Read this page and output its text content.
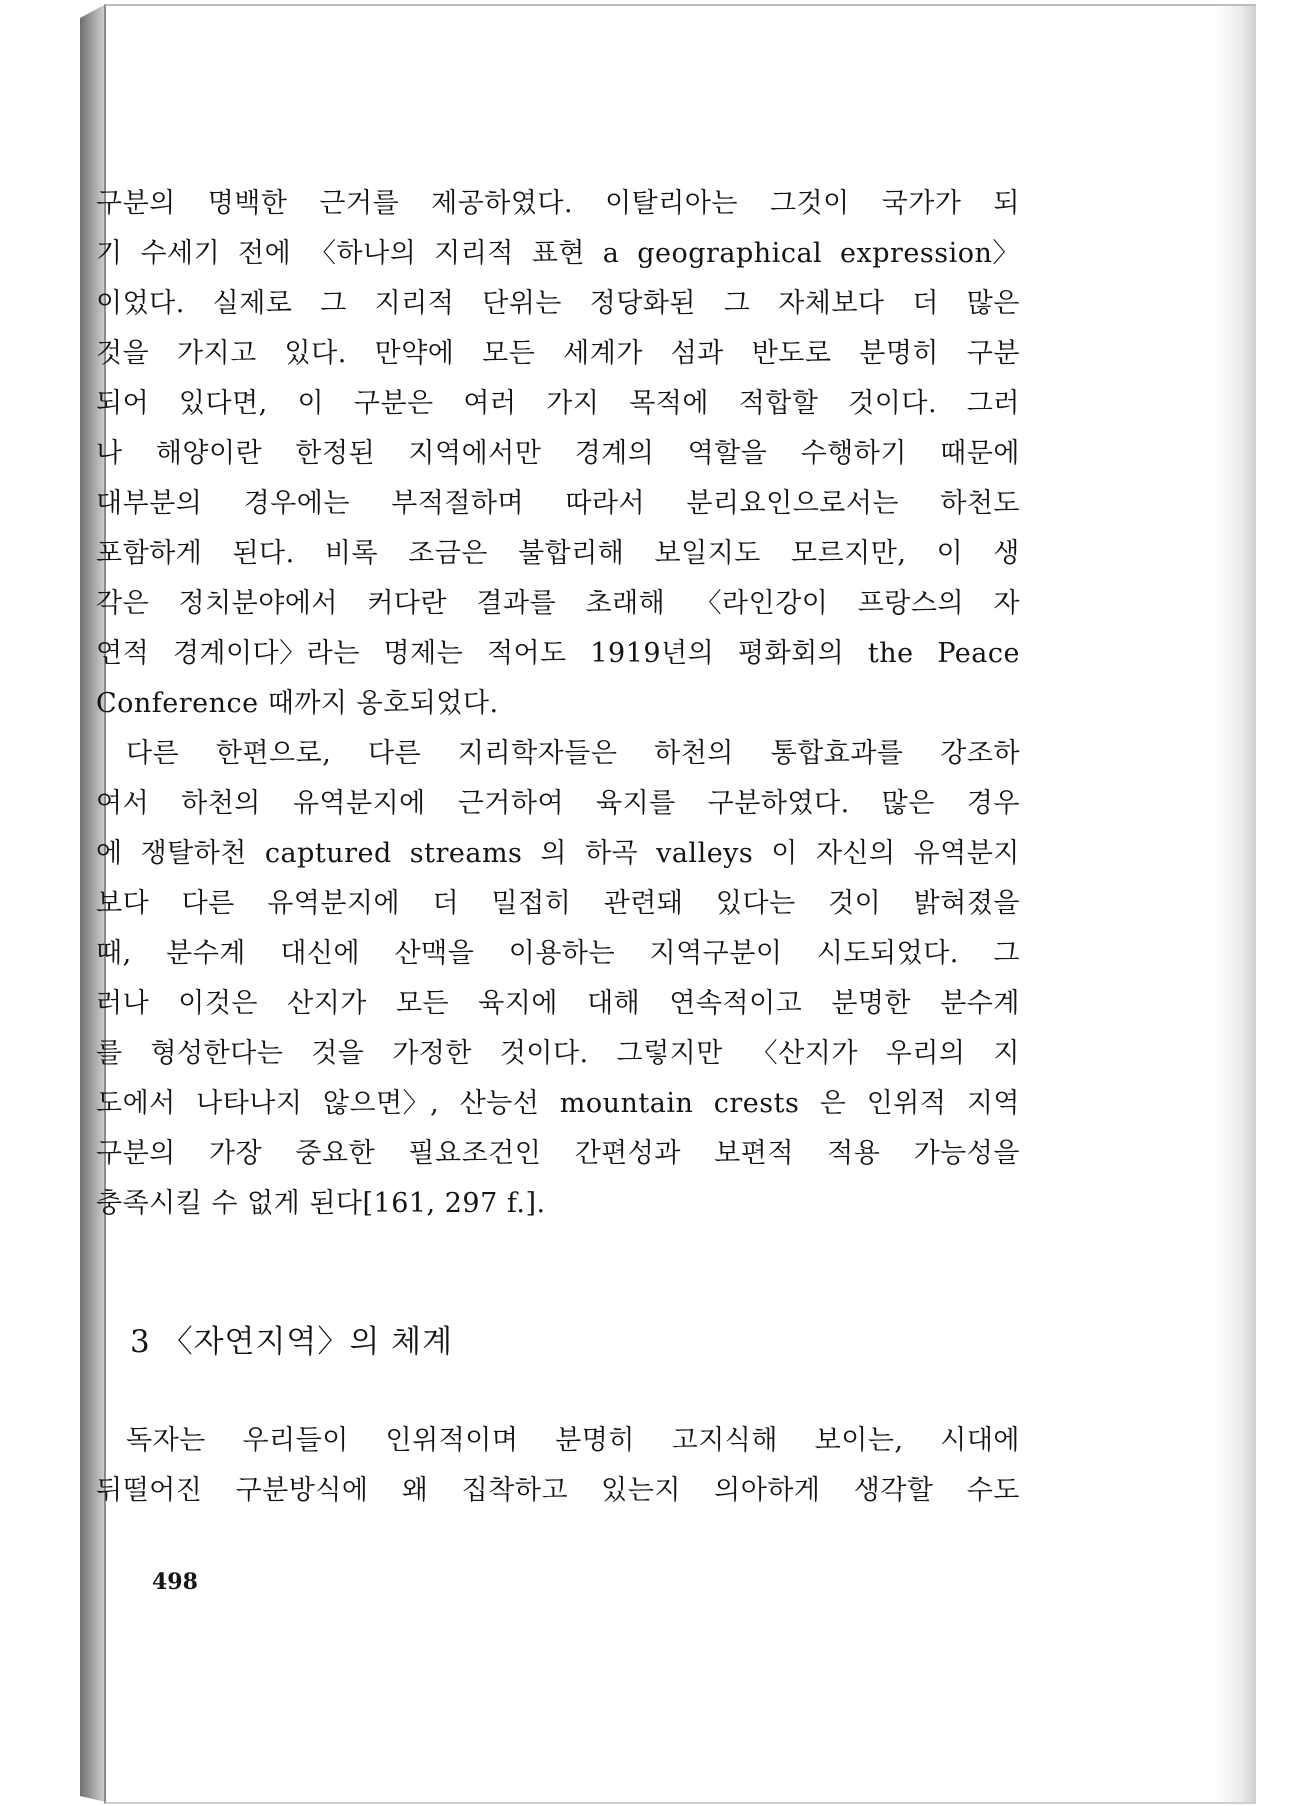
구분의 명백한 근거를 제공하였다. 이탈리아는 그것이 국가가 되
기 수세기 전에 〈하나의 지리적 표현 a geographical expression〉
이었다. 실제로 그 지리적 단위는 정당화된 그 자체보다 더 많은
것을 가지고 있다. 만약에 모든 세계가 섬과 반도로 분명히 구분
되어 있다면, 이 구분은 여러 가지 목적에 적합할 것이다. 그러
나 해양이란 한정된 지역에서만 경계의 역할을 수행하기 때문에
대부분의 경우에는 부적절하며 따라서 분리요인으로서는 하천도
포함하게 된다. 비록 조금은 불합리해 보일지도 모르지만, 이 생
각은 정치분야에서 커다란 결과를 초래해 〈라인강이 프랑스의 자
연적 경계이다〉라는 명제는 적어도 1919년의 평화회의 the Peace
Conference 때까지 옹호되었다.
다른 한편으로, 다른 지리학자들은 하천의 통합효과를 강조하
여서 하천의 유역분지에 근거하여 육지를 구분하였다. 많은 경우
에 쟁탈하천 captured streams 의 하곡 valleys 이 자신의 유역분지
보다 다른 유역분지에 더 밀접히 관련돼 있다는 것이 밝혀졌을
때, 분수계 대신에 산맥을 이용하는 지역구분이 시도되었다. 그
러나 이것은 산지가 모든 육지에 대해 연속적이고 분명한 분수계
를 형성한다는 것을 가정한 것이다. 그렇지만 〈산지가 우리의 지
도에서 나타나지 않으면〉, 산능선 mountain crests 은 인위적 지역
구분의 가장 중요한 필요조건인 간편성과 보편적 적용 가능성을
충족시킬 수 없게 된다[161, 297 f.].
3 〈자연지역〉의 체계
독자는 우리들이 인위적이며 분명히 고지식해 보이는, 시대에
뒤떨어진 구분방식에 왜 집착하고 있는지 의아하게 생각할 수도
498
